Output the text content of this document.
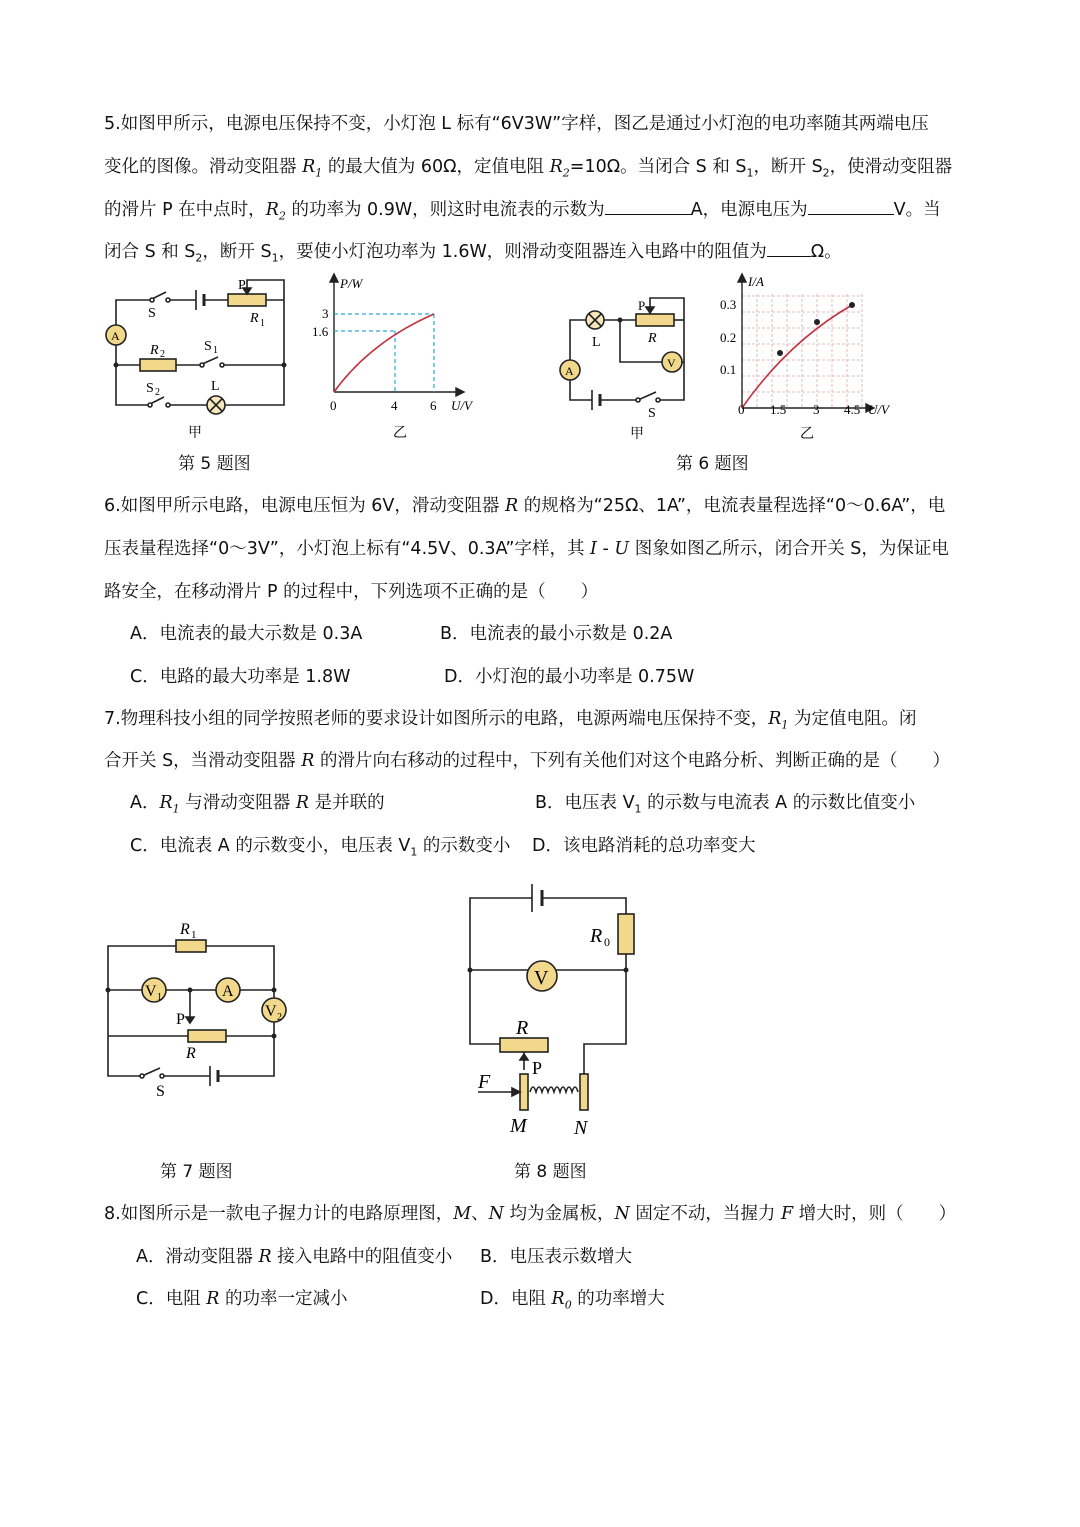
5.如图甲所示，电源电压保持不变，小灯泡 L 标有“6V3W”字样，图乙是通过小灯泡的电功率随其两端电压
变化的图像。滑动变阻器 $R_1$ 的最大值为 60Ω，定值电阻 $R_2=10\Omega$。当闭合 S 和 $S_1$，断开 $S_2$，使滑动变阻器
的滑片 P 在中点时，$R_2$ 的功率为 0.9W，则这时电流表的示数为	A，电源电压为	V。当
闭合 S 和 $S_2$，断开 $S_1$，要使小灯泡功率为 1.6W，则滑动变阻器连入电路中的阻值为	Ω。
A
S
P
R 1
R 2
S 1
S 2	L
甲
P/W
3
1.6
0	4	6 U/V
乙
第 5 题图
A
V
L
P
R
S
甲
I/A
0.3
0.2
0.1
0 1.5 3 4.5 U/V
乙
第 6 题图
6.如图甲所示电路，电源电压恒为 6V，滑动变阻器 R 的规格为“25Ω、1A”，电流表量程选择“0～0.6A”，电
压表量程选择“0～3V”，小灯泡上标有“4.5V、0.3A”字样，其 I - U 图象如图乙所示，闭合开关 S，为保证电
路安全，在移动滑片 P 的过程中，下列选项不正确的是（　　）
A．电流表的最大示数是 0.3A	B．电流表的最小示数是 0.2A
C．电路的最大功率是 1.8W	D．小灯泡的最小功率是 0.75W
7.物理科技小组的同学按照老师的要求设计如图所示的电路，电源两端电压保持不变，$R_1$ 为定值电阻。闭
合开关 S，当滑动变阻器 R 的滑片向右移动的过程中，下列有关他们对这个电路分析、判断正确的是（　　）
A．$R_1$ 与滑动变阻器 R 是并联的	B．电压表 $V_1$ 的示数与电流表 A 的示数比值变小
C．电流表 A 的示数变小，电压表 $V_1$ 的示数变小 D．该电路消耗的总功率变大
R 1
V 1	A
V 2
P
R
S
R 0
V
R
P
F
M N
第 7 题图	第 8 题图
8.如图所示是一款电子握力计的电路原理图，M、N 均为金属板，N 固定不动，当握力 F 增大时，则（　　）
A．滑动变阻器 R 接入电路中的阻值变小 B．电压表示数增大
C．电阻 R 的功率一定减小	D．电阻 $R_0$ 的功率增大
